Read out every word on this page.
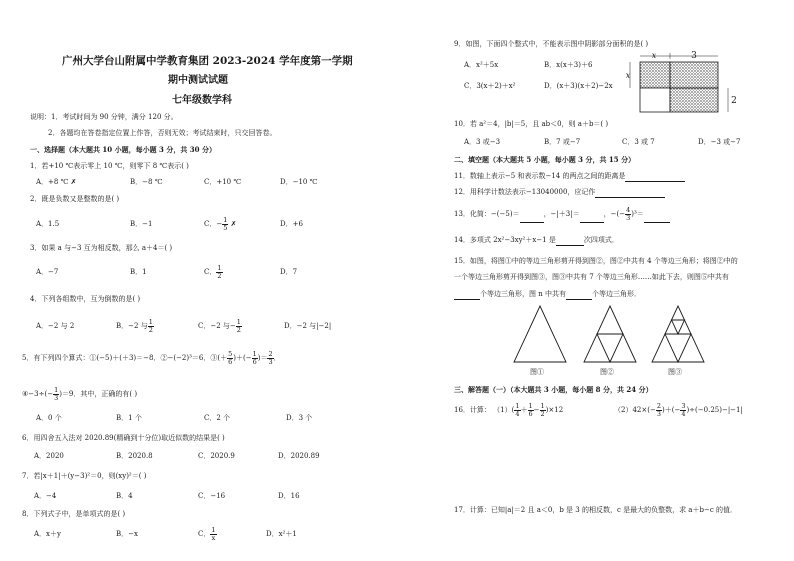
广州大学台山附属中学教育集团 2023-2024 学年度第一学期
期中测试试题
七年级数学科
说明：1．考试时间为 90 分钟，满分 120 分。
2．各题均在答卷指定位置上作答，否则无效；考试结束时，只交回答卷。
一、选择题（本大题共 10 小题，每小题 3 分，共 30 分）
1．若+10 ℃表示零上 10 ℃，则零下 8 ℃表示( )
A．+8 ℃ ✗	B．−8 ℃	C．+10 ℃	D．−10 ℃
2．既是负数又是整数的是( )
A．1.5	B．−1	C．− $\frac{1}{5}$ ✗	D．+6
3．如果 a 与−3 互为相反数，那么 a＋4＝( )
A．−7	B．1	C． $\frac{1}{2}$	D．7
4．下列各组数中，互为倒数的是( )
A．−2 与 2	B．−2 与 $\frac{1}{2}$	C．−2 与− $\frac{1}{2}$	D．−2 与|−2|
5．有下列四个算式：①(−5)＋(＋3)＝−8．②−(−2)³＝6．③(＋ $\frac{5}{6}$ )＋(− $\frac{1}{6}$ )＝ $\frac{2}{3}$ ．
④−3÷(− $\frac{1}{3} )=9$．其中，正确的有( )
A．0 个	B．1 个	C．2 个	D．3 个
6．用四舍五入法对 2020.89(精确到十分位)取近似数的结果是( )
A．2020	B．2020.8	C．2020.9	D．2020.89
7．若|x＋1|＋(y−3)²＝0，则(xy)²＝( )
A．−4	B．4	C．−16	D．16
8．下列式子中，是单项式的是( )
A．x＋y	B．−x	C． $\frac{1}{x}$	D．x²＋1
9．如图，下面四个整式中，不能表示图中阴影部分面积的是( )
A．x²＋5x	B．x(x＋3)＋6
C．3(x＋2)＋x²	D．(x＋3)(x＋2)−2x
x	3
x
2
10．若 a²＝4，|b|＝5，且 ab＜0，则 a＋b＝( )
A．3 或−3	B．7 或−7	C．3 或 7	D．−3 或−7
二、填空题（本大题共 5 小题，每小题 3 分，共 15 分）
11．数轴上表示−5 和表示数−14 的两点之间的距离是
12．用科学计数法表示−13040000，应记作
13．化简：−(−5)＝	，−|＋3|＝	，−(− $\frac{4}{3} )^3=$
14．多项式 2x²−3xy²＋x−1 是	次四项式．
15．如图，将图①中的等边三角形剪开得到图②，图②中共有 4 个等边三角形；将图②中的
一个等边三角形剪开得到图③，图③中共有 7 个等边三角形……如此下去，则图⑤中共有
个等边三角形，图 n 中共有	个等边三角形．
图①	图②	图③
三、解答题（一）（本大题共 3 小题，每小题 8 分，共 24 分）
16．计算： $(1)( \frac{1}{4} + \frac{1}{6} - \frac{1}{2} )\times 12$	$(2)42\times(- \frac{2}{3}$ )＋(− $\frac{3}{4} )\div(-0.25)-|-1|$
17．计算：已知|a|＝2 且 a＜0，b 是 3 的相反数，c 是最大的负整数，求 a＋b−c 的值．
